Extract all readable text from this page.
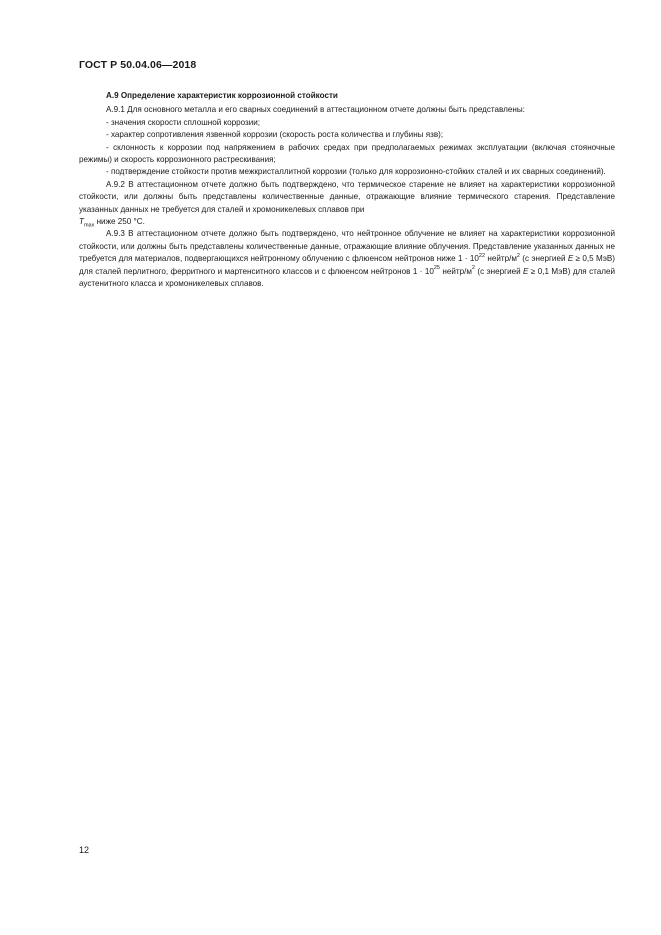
ГОСТ Р 50.04.06—2018
А.9 Определение характеристик коррозионной стойкости

А.9.1 Для основного металла и его сварных соединений в аттестационном отчете должны быть представлены:

- значения скорости сплошной коррозии;
- характер сопротивления язвенной коррозии (скорость роста количества и глубины язв);
- склонность к коррозии под напряжением в рабочих средах при предполагаемых режимах эксплуатации (включая стояночные режимы) и скорость коррозионного растрескивания;
- подтверждение стойкости против межкристаллитной коррозии (только для коррозионно-стойких сталей и их сварных соединений).

А.9.2 В аттестационном отчете должно быть подтверждено, что термическое старение не влияет на характеристики коррозионной стойкости, или должны быть представлены количественные данные, отражающие влияние термического старения. Представление указанных данных не требуется для сталей и хромоникелевых сплавов при
$T_{max}$ ниже 250 °С.

А.9.3 В аттестационном отчете должно быть подтверждено, что нейтронное облучение не влияет на характеристики коррозионной стойкости, или должны быть представлены количественные данные, отражающие влияние облучения. Представление указанных данных не требуется для материалов, подвергающихся нейтронному облучению с флюенсом нейтронов ниже $1 \cdot 10^{22}$ нейтр/$м^2$ (с энергией E ≥ 0,5 МэВ) для сталей перлитного, ферритного и мартенситного классов и с флюенсом нейтронов $1 \cdot 10^{25}$ нейтр/$м^2$ (с энергией E ≥ 0,1 МэВ) для сталей аустенитного класса и хромоникелевых сплавов.

12
